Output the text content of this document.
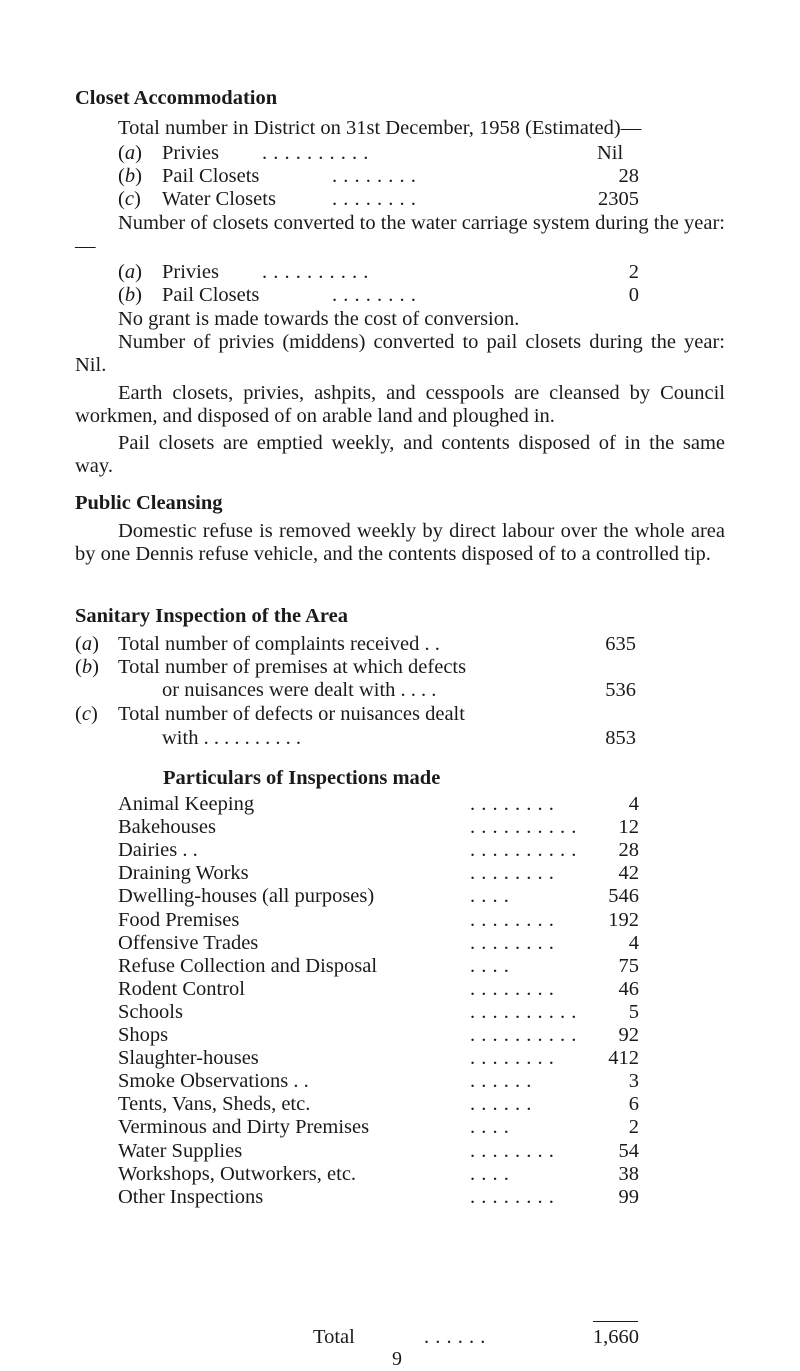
Closet Accommodation
Total number in District on 31st December, 1958 (Estimated)—
(a) Privies . . . . . . . . . .	Nil
(b) Pail Closets	. . . . . . . .	28
(c) Water Closets	. . . . . . . .	2305
Number of closets converted to the water carriage system during the year:—
(a) Privies . . . . . . . . . .	2
(b) Pail Closets	. . . . . . . .	0
No grant is made towards the cost of conversion.
Number of privies (middens) converted to pail closets during the year: Nil.
Earth closets, privies, ashpits, and cesspools are cleansed by Council workmen, and disposed of on arable land and ploughed in.
Pail closets are emptied weekly, and contents disposed of in the same way.
Public Cleansing
Domestic refuse is removed weekly by direct labour over the whole area by one Dennis refuse vehicle, and the contents disposed of to a controlled tip.
Sanitary Inspection of the Area
(a) Total number of complaints received . .	635
(b) Total number of premises at which defects
or nuisances were dealt with . . . .	536
(c) Total number of defects or nuisances dealt
with . . . . . . . . . .	853
Particulars of Inspections made
Animal Keeping	. . . . . . . .	4
Bakehouses	. . . . . . . . . . 12
Dairies . .	. . . . . . . . . . 28
Draining Works	. . . . . . . .	42
Dwelling-houses (all purposes)	. . . .	546
Food Premises	. . . . . . . .	192
Offensive Trades	. . . . . . . .	4
Refuse Collection and Disposal	. . . .	75
Rodent Control	. . . . . . . .	46
Schools	. . . . . . . . . .	5
Shops	. . . . . . . . . . 92
Slaughter-houses	. . . . . . . .	412
Smoke Observations . .	. . . . . .	3
Tents, Vans, Sheds, etc.	. . . . . .	6
Verminous and Dirty Premises	. . . .	2
Water Supplies	. . . . . . . .	54
Workshops, Outworkers, etc.	. . . .	38
Other Inspections	. . . . . . . .	99
Total	. . . . . .	1,660
9
